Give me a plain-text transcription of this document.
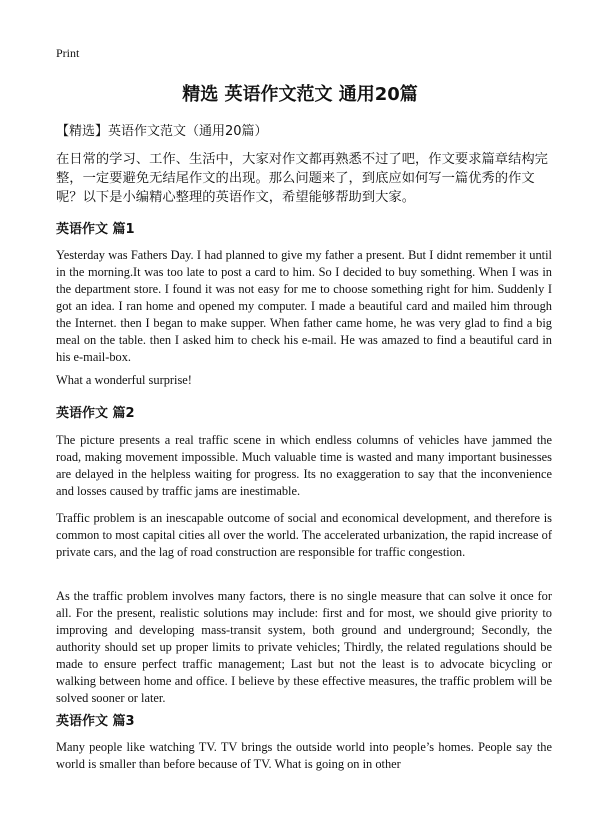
Print
精选 英语作文范文 通用20篇
【精选】英语作文范文（通用20篇）
在日常的学习、工作、生活中，大家对作文都再熟悉不过了吧，作文要求篇章结构完整，一定要避免无结尾作文的出现。那么问题来了，到底应如何写一篇优秀的作文呢？以下是小编精心整理的英语作文，希望能够帮助到大家。
英语作文 篇1
Yesterday was Fathers Day. I had planned to give my father a present. But I didnt remember it until in the morning.It was too late to post a card to him. So I decided to buy something. When I was in the department store. I found it was not easy for me to choose something right for him. Suddenly I got an idea. I ran home and opened my computer. I made a beautiful card and mailed him through the Internet. then I began to make supper. When father came home, he was very glad to find a big meal on the table. then I asked him to check his e-mail. He was amazed to find a beautiful card in his e-mail-box.
What a wonderful surprise!
英语作文 篇2
The picture presents a real traffic scene in which endless columns of vehicles have jammed the road, making movement impossible. Much valuable time is wasted and many important businesses are delayed in the helpless waiting for progress. Its no exaggeration to say that the inconvenience and losses caused by traffic jams are inestimable.
Traffic problem is an inescapable outcome of social and economical development, and therefore is common to most capital cities all over the world. The accelerated urbanization, the rapid increase of private cars, and the lag of road construction are responsible for traffic congestion.
As the traffic problem involves many factors, there is no single measure that can solve it once for all. For the present, realistic solutions may include: first and for most, we should give priority to improving and developing mass-transit system, both ground and underground; Secondly, the authority should set up proper limits to private vehicles; Thirdly, the related regulations should be made to ensure perfect traffic management; Last but not the least is to advocate bicycling or walking between home and office. I believe by these effective measures, the traffic problem will be solved sooner or later.
英语作文 篇3
Many people like watching TV. TV brings the outside world into people’s homes. People say the world is smaller than before because of TV. What is going on in other
